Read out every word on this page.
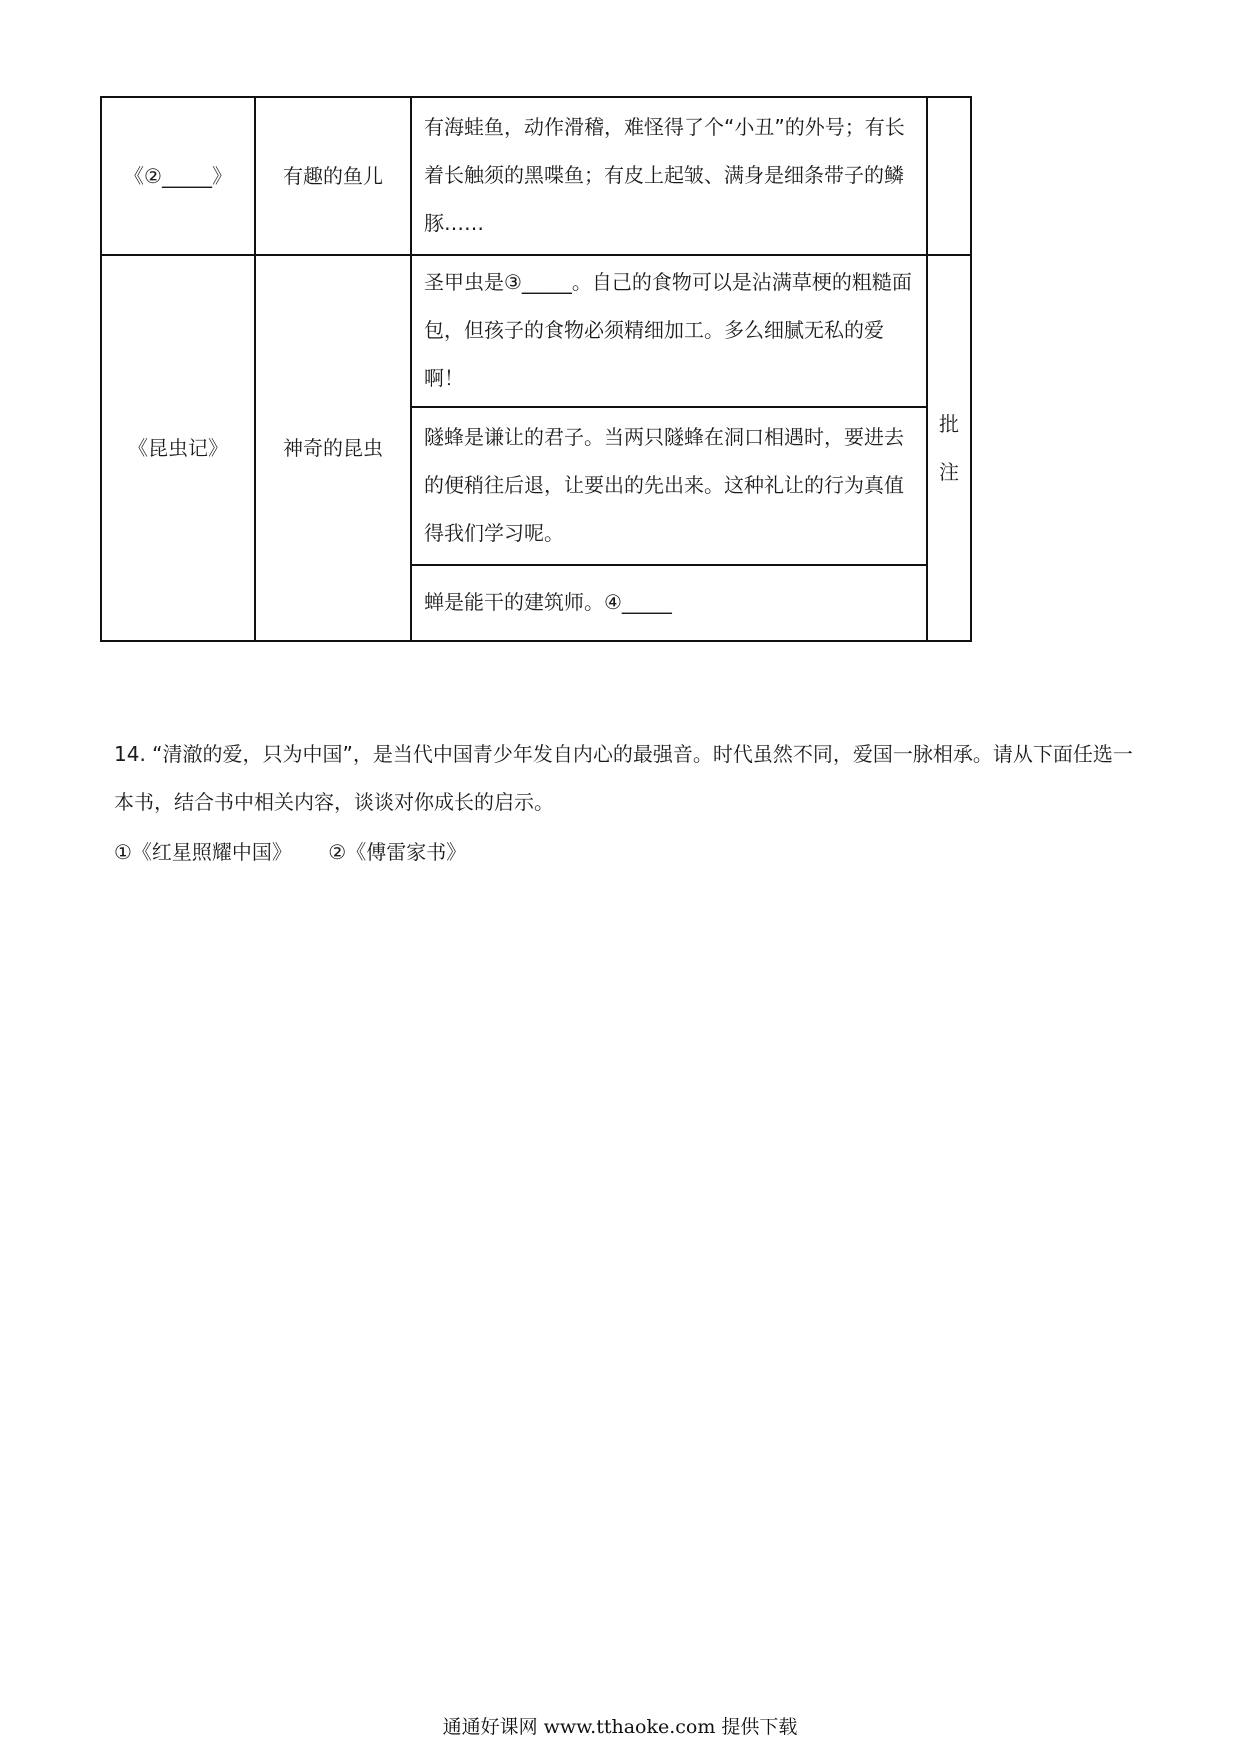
《②_____》	有趣的鱼儿	有海蛙鱼，动作滑稽，难怪得了个“小丑”的外号；有长着长触须的黑喋鱼；有皮上起皱、满身是细条带子的鳞豚……	
《昆虫记》	神奇的昆虫	圣甲虫是③_____。自己的食物可以是沾满草梗的粗糙面包，但孩子的食物必须精细加工。多么细腻无私的爱啊！	批注

		隧蜂是谦让的君子。当两只隧蜂在洞口相遇时，要进去的便稍往后退，让要出的先出来。这种礼让的行为真值得我们学习呢。	
		蝉是能干的建筑师。④_____	
14. “清澈的爱，只为中国”，是当代中国青少年发自内心的最强音。时代虽然不同，爱国一脉相承。请从下面任选一本书，结合书中相关内容，谈谈对你成长的启示。
①《红星照耀中国》 ②《傅雷家书》
通通好课网 www.tthaoke.com 提供下载
